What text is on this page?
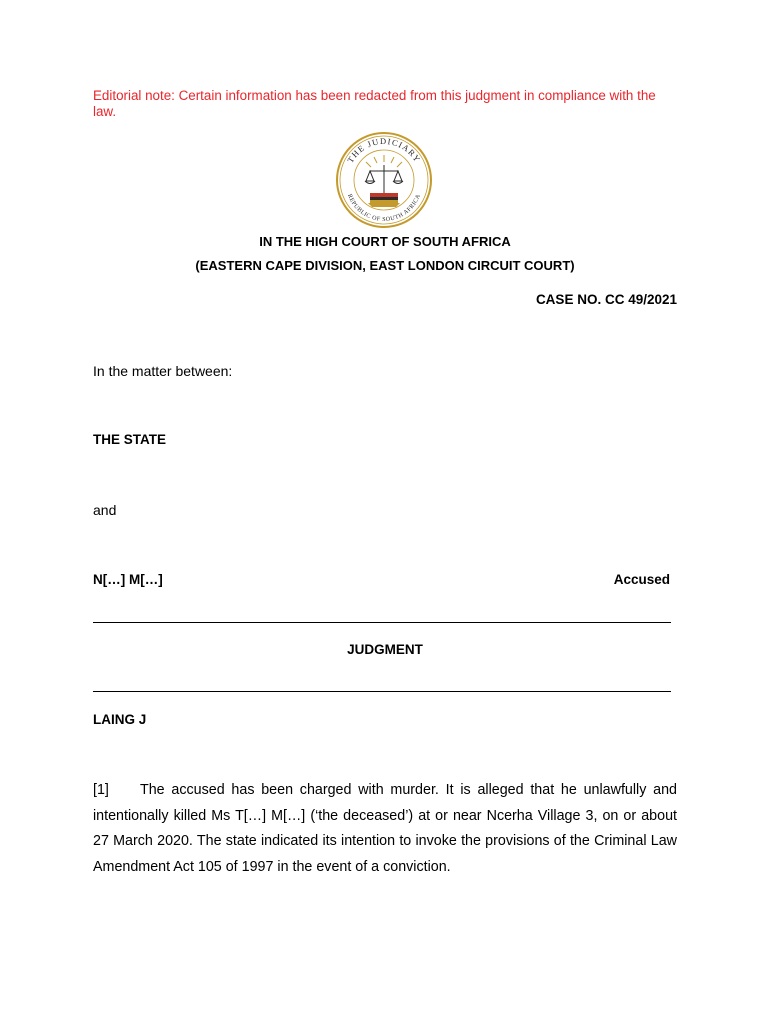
Editorial note: Certain information has been redacted from this judgment in compliance with the law.
THE JUDICIARY
REPUBLIC OF SOUTH AFRICA
IN THE HIGH COURT OF SOUTH AFRICA
(EASTERN CAPE DIVISION, EAST LONDON CIRCUIT COURT)
CASE NO. CC 49/2021
In the matter between:
THE STATE
and
N[…] M[…]	Accused
JUDGMENT
LAING J
[1] The accused has been charged with murder. It is alleged that he unlawfully and intentionally killed Ms T[…] M[…] (‘the deceased’) at or near Ncerha Village 3, on or about 27 March 2020. The state indicated its intention to invoke the provisions of the Criminal Law Amendment Act 105 of 1997 in the event of a conviction.
